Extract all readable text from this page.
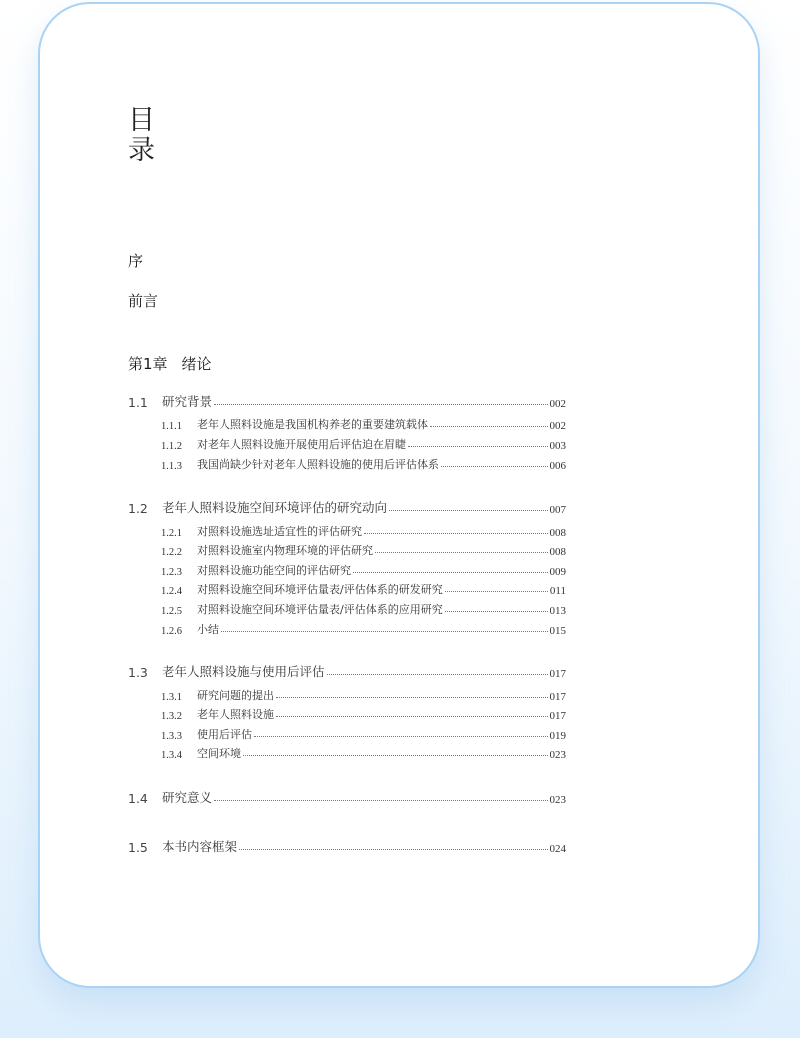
目
录
序
前言
第1章 绪论
1.1	研究背景	002
1.1.1	老年人照料设施是我国机构养老的重要建筑载体	002
1.1.2	对老年人照料设施开展使用后评估迫在眉睫	003
1.1.3	我国尚缺少针对老年人照料设施的使用后评估体系	006
1.2	老年人照料设施空间环境评估的研究动向	007
1.2.1	对照料设施选址适宜性的评估研究	008
1.2.2	对照料设施室内物理环境的评估研究	008
1.2.3	对照料设施功能空间的评估研究	009
1.2.4	对照料设施空间环境评估量表/评估体系的研发研究	011
1.2.5	对照料设施空间环境评估量表/评估体系的应用研究	013
1.2.6	小结	015
1.3	老年人照料设施与使用后评估	017
1.3.1	研究问题的提出	017
1.3.2	老年人照料设施	017
1.3.3	使用后评估	019
1.3.4	空间环境	023
1.4	研究意义	023
1.5	本书内容框架	024
